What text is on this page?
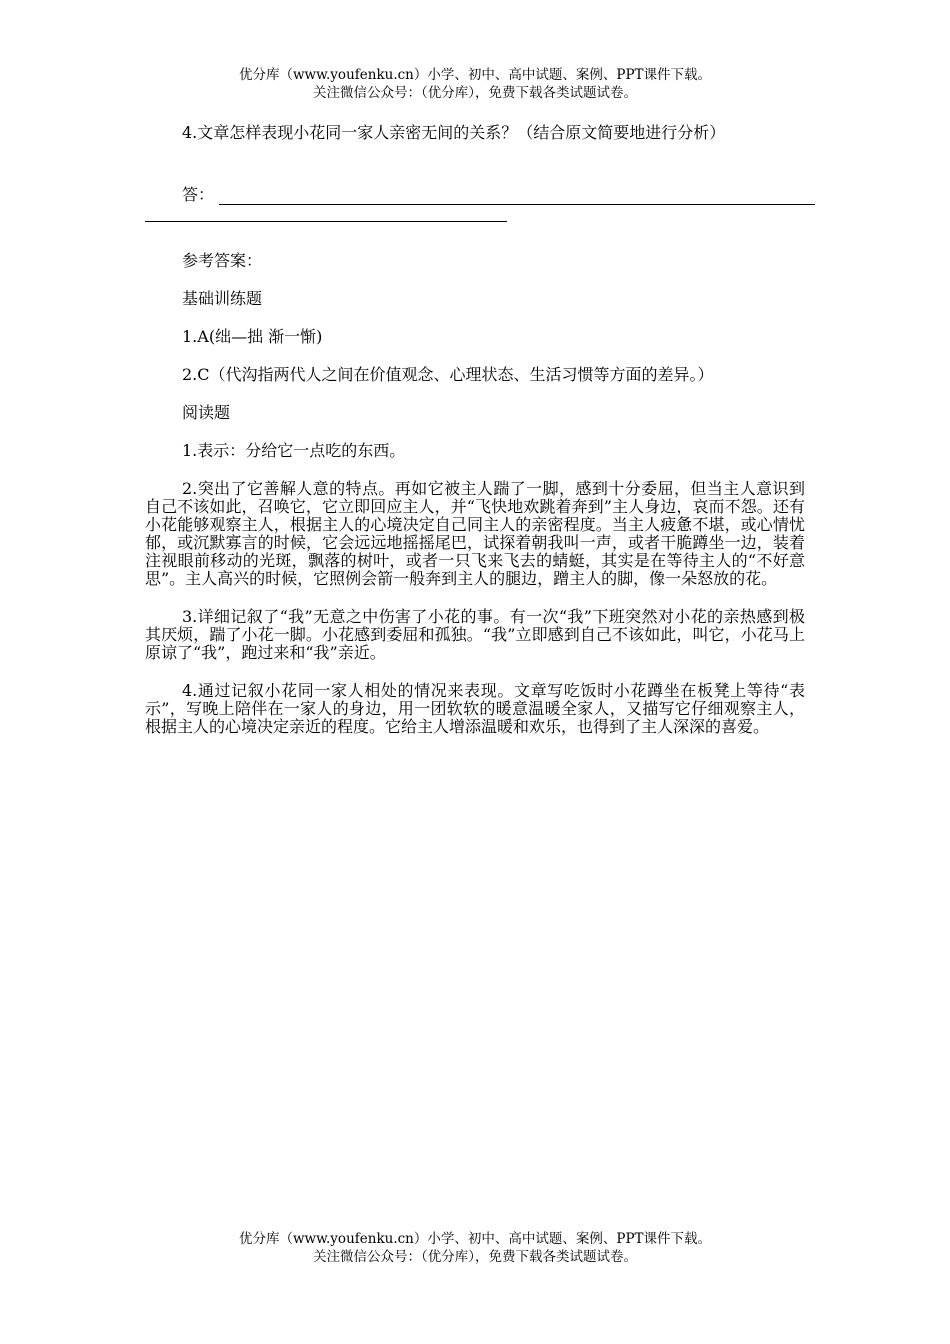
优分库（www.youfenku.cn）小学、初中、高中试题、案例、PPT课件下载。
关注微信公众号：（优分库），免费下载各类试题试卷。

4.文章怎样表现小花同一家人亲密无间的关系？（结合原文简要地进行分析）

答：

参考答案：

基础训练题

1.A(绌—拙 渐一惭)

2.C（代沟指两代人之间在价值观念、心理状态、生活习惯等方面的差异。）

阅读题

1.表示：分给它一点吃的东西。

2.突出了它善解人意的特点。再如它被主人踹了一脚，感到十分委屈，但当主人意识到自己不该如此，召唤它，它立即回应主人，并“飞快地欢跳着奔到”主人身边，哀而不怨。还有小花能够观察主人，根据主人的心境决定自己同主人的亲密程度。当主人疲惫不堪，或心情忧郁，或沉默寡言的时候，它会远远地摇摇尾巴，试探着朝我叫一声，或者干脆蹲坐一边，装着注视眼前移动的光斑，飘落的树叶，或者一只飞来飞去的蜻蜓，其实是在等待主人的“不好意思”。主人高兴的时候，它照例会箭一般奔到主人的腿边，蹭主人的脚，像一朵怒放的花。

3.详细记叙了“我”无意之中伤害了小花的事。有一次“我”下班突然对小花的亲热感到极其厌烦，踹了小花一脚。小花感到委屈和孤独。“我”立即感到自己不该如此，叫它，小花马上原谅了“我”，跑过来和“我”亲近。

4.通过记叙小花同一家人相处的情况来表现。文章写吃饭时小花蹲坐在板凳上等待“表示”，写晚上陪伴在一家人的身边，用一团软软的暖意温暖全家人，又描写它仔细观察主人，根据主人的心境决定亲近的程度。它给主人增添温暖和欢乐，也得到了主人深深的喜爱。

优分库（www.youfenku.cn）小学、初中、高中试题、案例、PPT课件下载。
关注微信公众号：（优分库），免费下载各类试题试卷。
